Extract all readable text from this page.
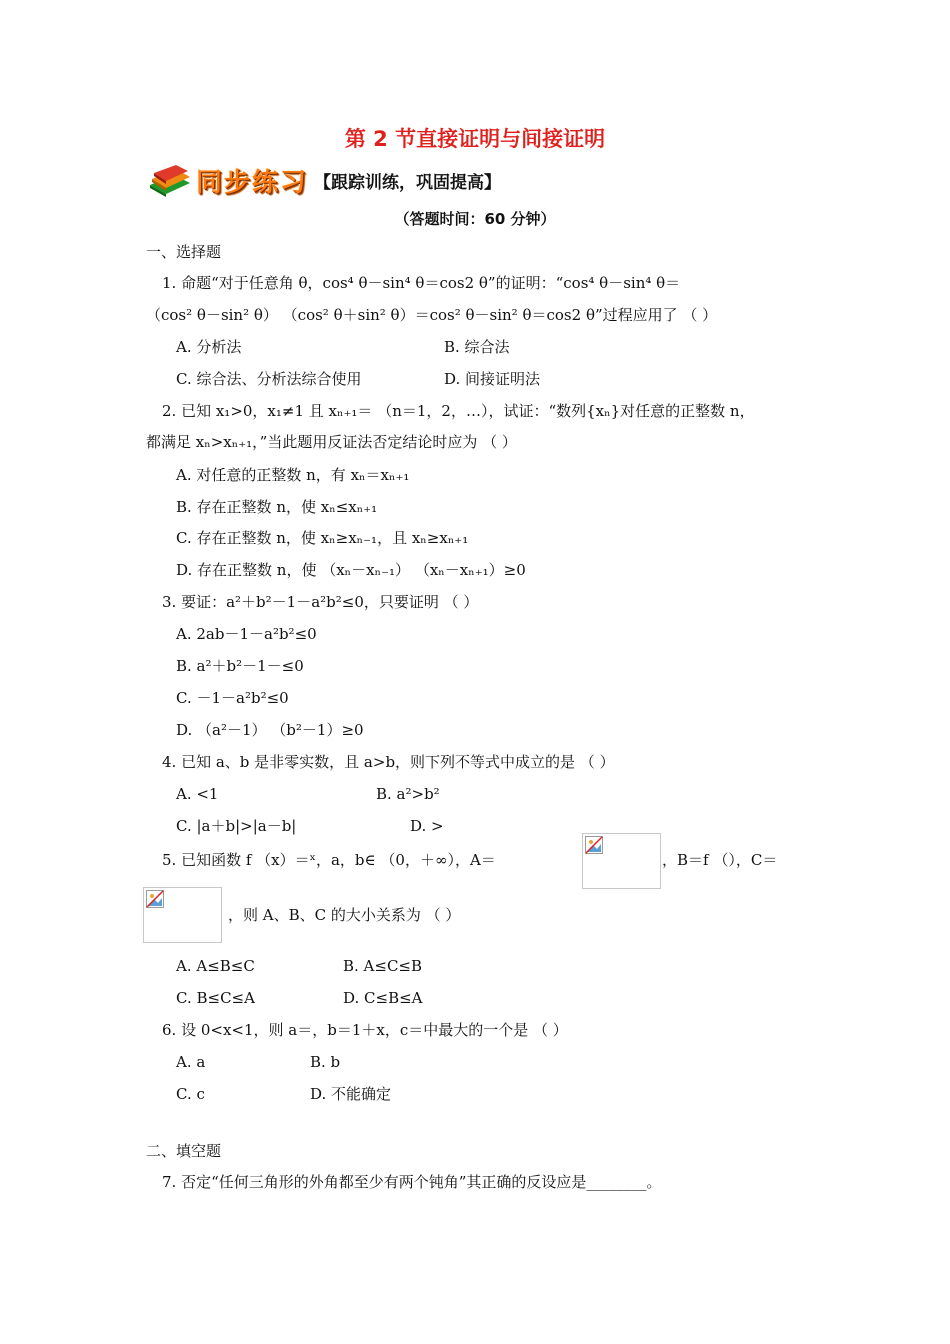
第 2 节直接证明与间接证明
同步练习 【跟踪训练，巩固提高】
（答题时间：60 分钟）
一、选择题
1. 命题“对于任意角 θ，cos⁴ θ－sin⁴ θ＝cos2 θ”的证明：“cos⁴ θ－sin⁴ θ＝
（cos² θ－sin² θ） （cos² θ＋sin² θ）＝cos² θ－sin² θ＝cos2 θ”过程应用了 （ ）
A. 分析法	B. 综合法
C. 综合法、分析法综合使用	D. 间接证明法
2. 已知 x₁>0，x₁≠1 且 xₙ₊₁＝ （n＝1，2，…），试证：“数列{xₙ}对任意的正整数 n，
都满足 xₙ>xₙ₊₁，”当此题用反证法否定结论时应为 （ ）
A. 对任意的正整数 n，有 xₙ＝xₙ₊₁
B. 存在正整数 n，使 xₙ≤xₙ₊₁
C. 存在正整数 n，使 xₙ≥xₙ₋₁，且 xₙ≥xₙ₊₁
D. 存在正整数 n，使 （xₙ－xₙ₋₁） （xₙ－xₙ₊₁）≥0
3. 要证：a²＋b²－1－a²b²≤0，只要证明 （ ）
A. 2ab－1－a²b²≤0
B. a²＋b²－1－≤0
C. －1－a²b²≤0
D. （a²－1） （b²－1）≥0
4. 已知 a、b 是非零实数，且 a>b，则下列不等式中成立的是 （ ）
A. <1	B. a²>b²
C. |a＋b|>|a－b|	D. >
5. 已知函数 f （x）＝ˣ，a，b∈ （0，＋∞），A＝	，B＝f （），C＝
，则 A、B、C 的大小关系为 （ ）
A. A≤B≤C	B. A≤C≤B
C. B≤C≤A	D. C≤B≤A
6. 设 0<x<1，则 a＝，b＝1＋x，c＝中最大的一个是 （ ）
A. a	B. b
C. c	D. 不能确定
二、填空题
7. 否定“任何三角形的外角都至少有两个钝角”其正确的反设应是________。
